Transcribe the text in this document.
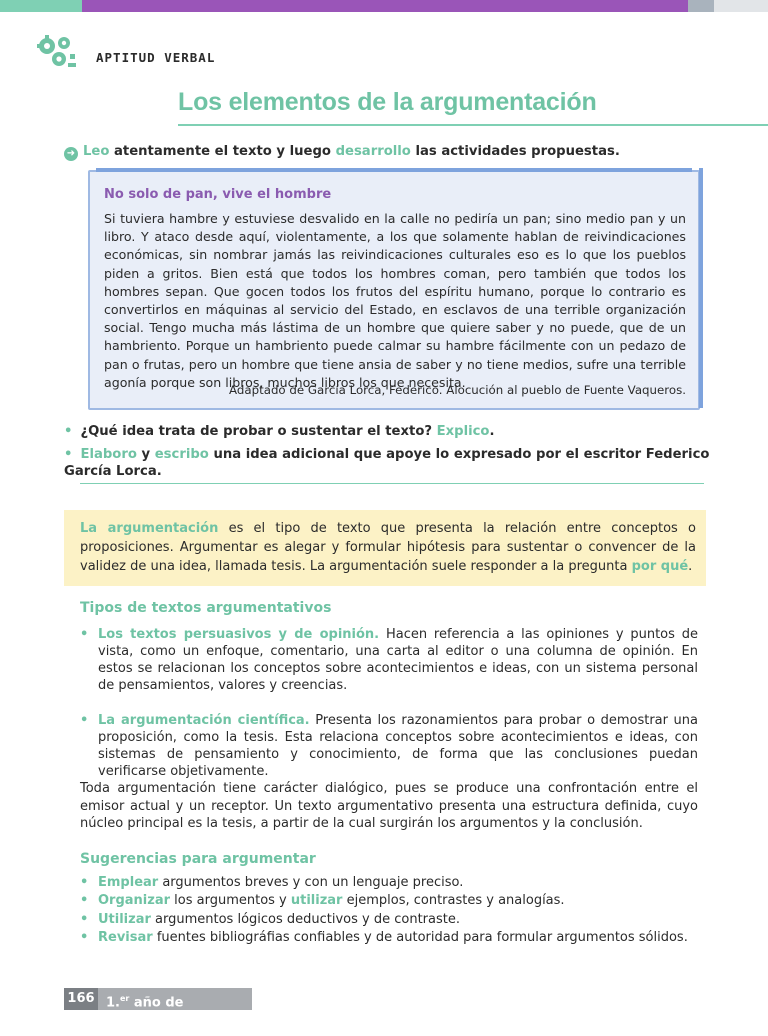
APTITUD VERBAL
Los elementos de la argumentación
➜ Leo atentamente el texto y luego desarrollo las actividades propuestas.
No solo de pan, vive el hombre
Si tuviera hambre y estuviese desvalido en la calle no pediría un pan; sino medio pan y un libro. Y ataco desde aquí, violentamente, a los que solamente hablan de reivindicaciones económicas, sin nombrar jamás las reivindicaciones culturales eso es lo que los pueblos piden a gritos. Bien está que todos los hombres coman, pero también que todos los hombres sepan. Que gocen todos los frutos del espíritu humano, porque lo contrario es convertirlos en máquinas al servicio del Estado, en esclavos de una terrible organización social. Tengo mucha más lástima de un hombre que quiere saber y no puede, que de un hambriento. Porque un hambriento puede calmar su hambre fácilmente con un pedazo de pan o frutas, pero un hombre que tiene ansia de saber y no tiene medios, sufre una terrible agonía porque son libros, muchos libros los que necesita.
Adaptado de García Lorca, Federico. Alocución al pueblo de Fuente Vaqueros.
• ¿Qué idea trata de probar o sustentar el texto? Explico.
• Elaboro y escribo una idea adicional que apoye lo expresado por el escritor Federico García Lorca.
La argumentación es el tipo de texto que presenta la relación entre conceptos o proposiciones. Argumentar es alegar y formular hipótesis para sustentar o convencer de la validez de una idea, llamada tesis. La argumentación suele responder a la pregunta por qué.
Tipos de textos argumentativos
• Los textos persuasivos y de opinión. Hacen referencia a las opiniones y puntos de vista, como un enfoque, comentario, una carta al editor o una columna de opinión. En estos se relacionan los conceptos sobre acontecimientos e ideas, con un sistema personal de pensamientos, valores y creencias.
• La argumentación científica. Presenta los razonamientos para probar o demostrar una proposición, como la tesis. Esta relaciona conceptos sobre acontecimientos e ideas, con sistemas de pensamiento y conocimiento, de forma que las conclusiones puedan verificarse objetivamente.
Toda argumentación tiene carácter dialógico, pues se produce una confrontación entre el emisor actual y un receptor. Un texto argumentativo presenta una estructura definida, cuyo núcleo principal es la tesis, a partir de la cual surgirán los argumentos y la conclusión.
Sugerencias para argumentar
• Emplear argumentos breves y con un lenguaje preciso.
• Organizar los argumentos y utilizar ejemplos, contrastes y analogías.
• Utilizar argumentos lógicos deductivos y de contraste.
• Revisar fuentes bibliográfias confiables y de autoridad para formular argumentos sólidos.
166 1.$^{er}$ año de secundaria
